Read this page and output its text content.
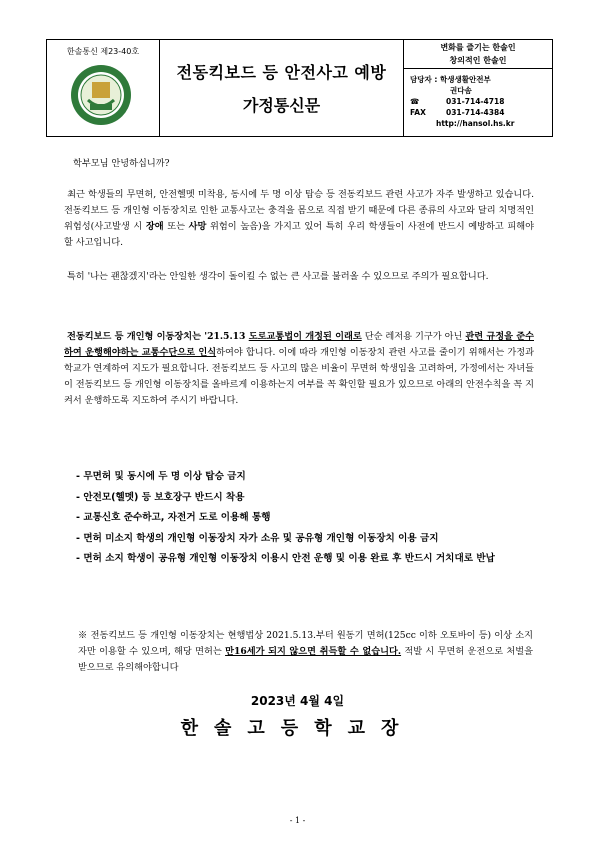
한솔통신 제23-40호
전동킥보드 등 안전사고 예방
가정통신문
변화를 즐기는 한솔인
창의적인 한솔인
담당자 : 학생생활안전부
권다솜
☎	031-714-4718
FAX	031-714-4384
http://hansol.hs.kr
학부모님 안녕하십니까?
최근 학생들의 무면허, 안전헬멧 미착용, 동시에 두 명 이상 탑승 등 전동킥보드 관련 사고가 자주 발생하고 있습니다. 전동킥보드 등 개인형 이동장치로 인한 교통사고는 충격을 몸으로 직접 받기 때문에 다른 종류의 사고와 달리 치명적인 위험성(사고발생 시 장애 또는 사망 위험이 높음)을 가지고 있어 특히 우리 학생들이 사전에 반드시 예방하고 피해야 할 사고입니다.
특히 '나는 괜찮겠지'라는 안일한 생각이 돌이킬 수 없는 큰 사고를 불러올 수 있으므로 주의가 필요합니다.
전동킥보드 등 개인형 이동장치는 '21.5.13 도로교통법이 개정된 이래로 단순 레저용 기구가 아닌 관련 규정을 준수하여 운행해야하는 교통수단으로 인식하여야 합니다. 이에 따라 개인형 이동장치 관련 사고를 줄이기 위해서는 가정과 학교가 연계하여 지도가 필요합니다. 전동킥보드 등 사고의 많은 비율이 무면허 학생임을 고려하여, 가정에서는 자녀들이 전동킥보드 등 개인형 이동장치를 올바르게 이용하는지 여부를 꼭 확인할 필요가 있으므로 아래의 안전수칙을 꼭 지켜서 운행하도록 지도하여 주시기 바랍니다.
- 무면허 및 동시에 두 명 이상 탑승 금지
- 안전모(헬멧) 등 보호장구 반드시 착용
- 교통신호 준수하고, 자전거 도로 이용해 통행
- 면허 미소지 학생의 개인형 이동장치 자가 소유 및 공유형 개인형 이동장치 이용 금지
- 면허 소지 학생이 공유형 개인형 이동장치 이용시 안전 운행 및 이용 완료 후 반드시 거치대로 반납
※ 전동킥보드 등 개인형 이동장치는 현행법상 2021.5.13.부터 원동기 면허(125cc 이하 오토바이 등) 이상 소지자만 이용할 수 있으며, 해당 면허는 만16세가 되지 않으면 취득할 수 없습니다. 적발 시 무면허 운전으로 처벌을 받으므로 유의해야합니다
2023년 4월 4일
한솔고등학교장
- 1 -
